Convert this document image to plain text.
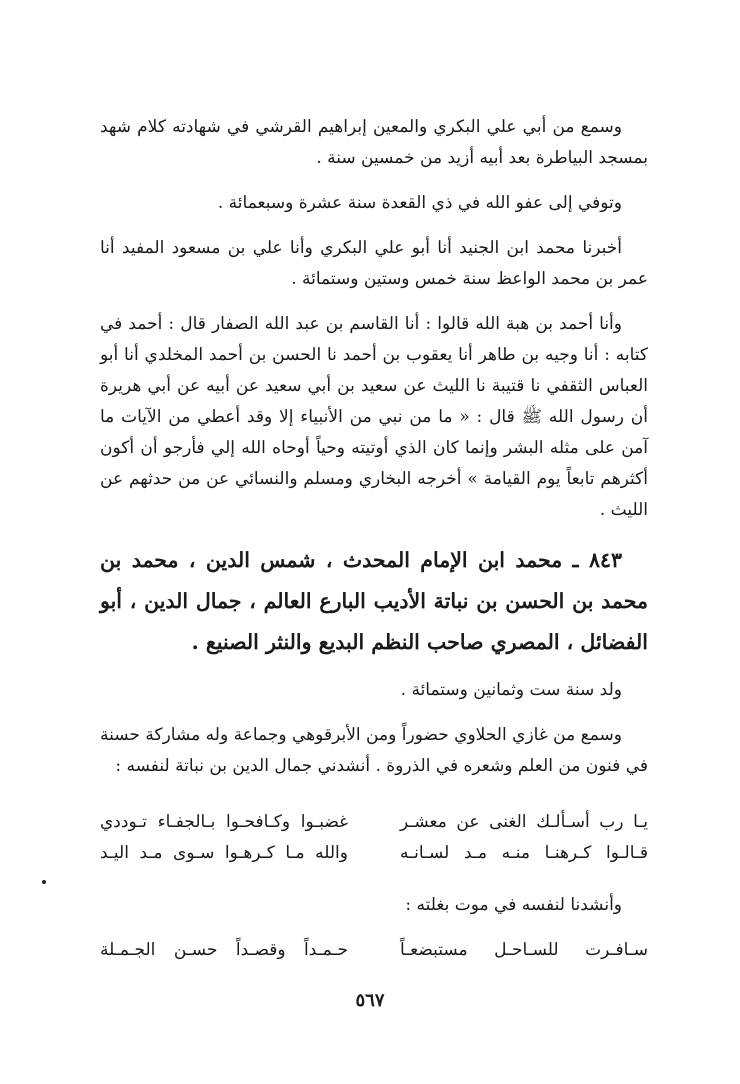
وسمع من أبي علي البكري والمعين إبراهيم القرشي في شهادته كلام شهد بمسجد البياطرة بعد أبيه أزيد من خمسين سنة .

وتوفي إلى عفو الله في ذي القعدة سنة عشرة وسبعمائة .

أخبرنا محمد ابن الجنيد أنا أبو علي البكري وأنا علي بن مسعود المفيد أنا عمر بن محمد الواعظ سنة خمس وستين وستمائة .

وأنا أحمد بن هبة الله قالوا : أنا القاسم بن عبد الله الصفار قال : أحمد في كتابه : أنا وجيه بن طاهر أنا يعقوب بن أحمد نا الحسن بن أحمد المخلدي أنا أبو العباس الثقفي نا قتيبة نا الليث عن سعيد بن أبي سعيد عن أبيه عن أبي هريرة أن رسول الله ﷺ قال : « ما من نبي من الأنبياء إلا وقد أعطي من الآيات ما آمن على مثله البشر وإنما كان الذي أوتيته وحياً أوحاه الله إلي فأرجو أن أكون أكثرهم تابعاً يوم القيامة » أخرجه البخاري ومسلم والنسائي عن من حدثهم عن الليث .

٨٤٣ ـ محمد ابن الإمام المحدث ، شمس الدين ، محمد بن محمد بن الحسن بن نباتة الأديب البارع العالم ، جمال الدين ، أبو الفضائل ، المصري صاحب النظم البديع والنثر الصنيع .

ولد سنة ست وثمانين وستمائة .

وسمع من غازي الحلاوي حضوراً ومن الأبرقوهي وجماعة وله مشاركة حسنة في فنون من العلم وشعره في الذروة . أنشدني جمال الدين بن نباتة لنفسه :

يـا رب أسـألـك الغنى عن معشـر
غضبـوا وكـافحـوا بـالجفـاء تـوددي
قـالـوا كـرهنـا منـه مـد لسـانـه
والله مـا كـرهـوا سـوى مـد اليـد

وأنشدنا لنفسه في موت بغلته :

سـافـرت للسـاحـل مستبضعـاً
حـمـداً وقصـداً حسـن الجـمـلة
٥٦٧
